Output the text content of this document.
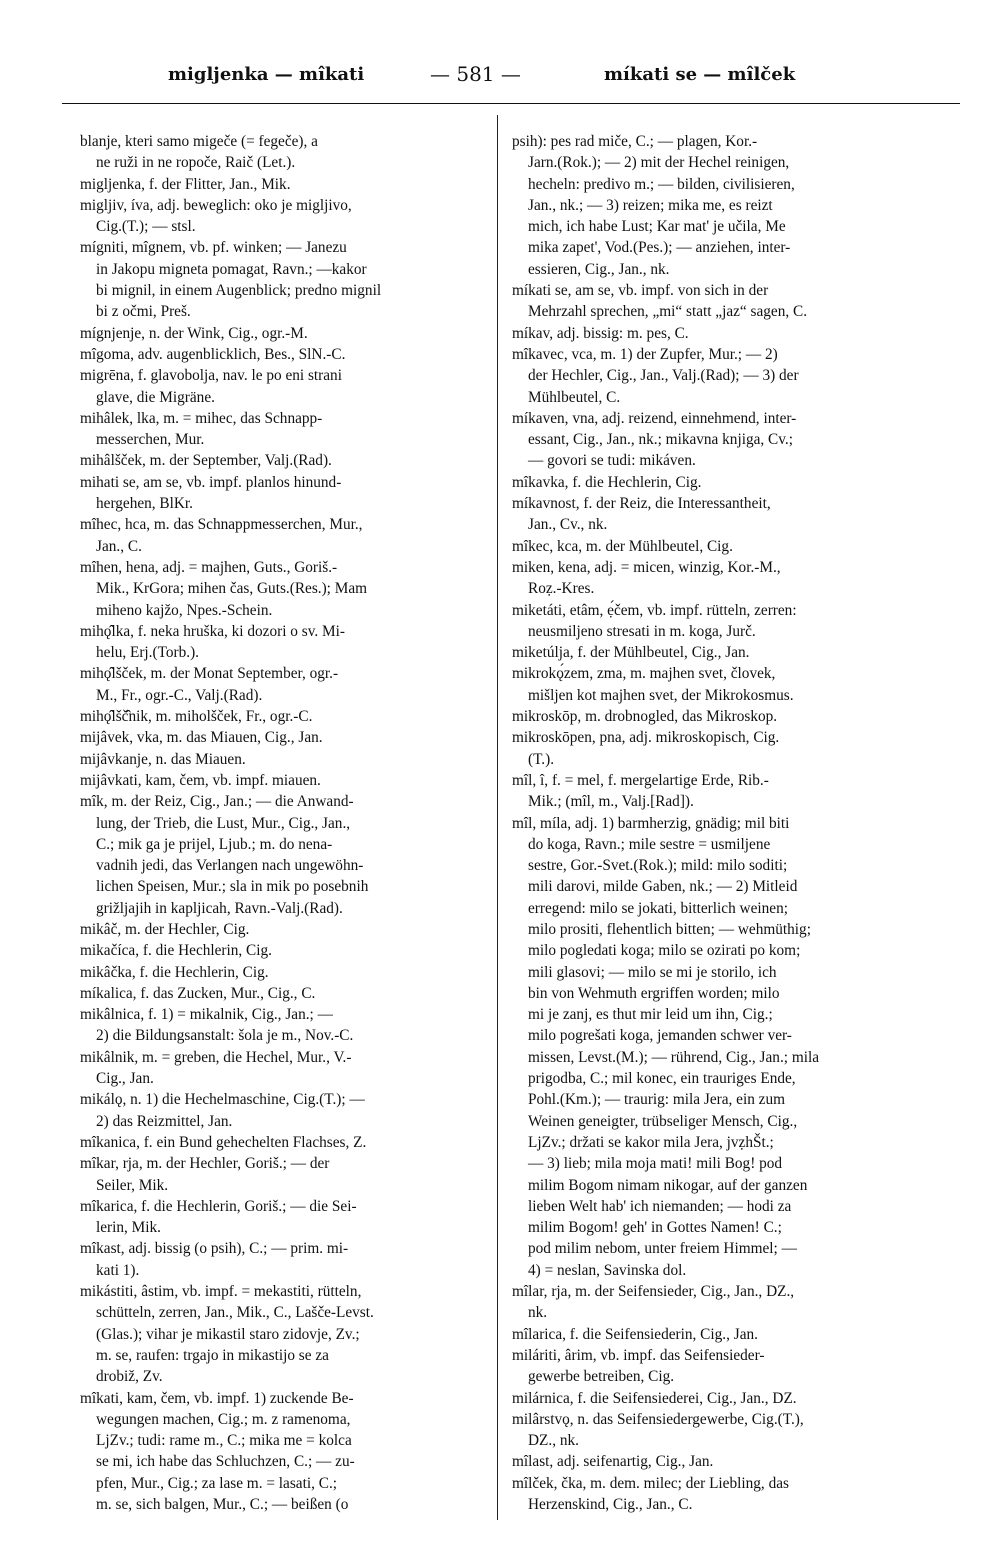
migljenka — mîkati	— 581 —	míkati se — mîlček
blanje, kteri samo migeče (= fegeče), a
ne ruži in ne ropoče, Raič (Let.).
migljenka, f. der Flitter, Jan., Mik.
migljiv, íva, adj. beweglich: oko je migljivo,
Cig.(T.); — stsl.
mígniti, mîgnem, vb. pf. winken; — Janezu
in Jakopu migneta pomagat, Ravn.; —kakor
bi mignil, in einem Augenblick; predno mignil
bi z očmi, Preš.
mígnjenje, n. der Wink, Cig., ogr.-M.
mîgoma, adv. augenblicklich, Bes., SlN.-C.
migrēna, f. glavobolja, nav. le po eni strani
glave, die Migräne.
mihâlek, lka, m. = mihec, das Schnapp-
messerchen, Mur.
mihâlšček, m. der September, Valj.(Rad).
mihati se, am se, vb. impf. planlos hinund-
hergehen, BlKr.
mîhec, hca, m. das Schnappmesserchen, Mur.,
Jan., C.
mîhen, hena, adj. = majhen, Guts., Goriš.-
Mik., KrGora; mihen čas, Guts.(Res.); Mam
miheno kajžo, Npes.-Schein.
mihǫ̂lka, f. neka hruška, ki dozori o sv. Mi-
helu, Erj.(Torb.).
mihǫ̂lšček, m. der Monat September, ogr.-
M., Fr., ogr.-C., Valj.(Rad).
mihǫ̂lšč̂nik, m. miholšček, Fr., ogr.-C.
mijâvek, vka, m. das Miauen, Cig., Jan.
mijâvkanje, n. das Miauen.
mijâvkati, kam, čem, vb. impf. miauen.
mîk, m. der Reiz, Cig., Jan.; — die Anwand-
lung, der Trieb, die Lust, Mur., Cig., Jan.,
C.; mik ga je prijel, Ljub.; m. do nena-
vadnih jedi, das Verlangen nach ungewöhn-
lichen Speisen, Mur.; sla in mik po posebnih
grižljajih in kapljicah, Ravn.-Valj.(Rad).
mikâč, m. der Hechler, Cig.
mikačíca, f. die Hechlerin, Cig.
mikâčka, f. die Hechlerin, Cig.
míkalica, f. das Zucken, Mur., Cig., C.
mikâlnica, f. 1) = mikalnik, Cig., Jan.; —
2) die Bildungsanstalt: šola je m., Nov.-C.
mikâlnik, m. = greben, die Hechel, Mur., V.-
Cig., Jan.
mikálǫ, n. 1) die Hechelmaschine, Cig.(T.); —
2) das Reizmittel, Jan.
mîkanica, f. ein Bund gehechelten Flachses, Z.
mîkar, rja, m. der Hechler, Goriš.; — der
Seiler, Mik.
mîkarica, f. die Hechlerin, Goriš.; — die Sei-
lerin, Mik.
mîkast, adj. bissig (o psih), C.; — prim. mi-
kati 1).
mikástiti, âstim, vb. impf. = mekastiti, rütteln,
schütteln, zerren, Jan., Mik., C., Lašče-Levst.
(Glas.); vihar je mikastil staro zidovje, Zv.;
m. se, raufen: trgajo in mikastijo se za
drobiž, Zv.
mîkati, kam, čem, vb. impf. 1) zuckende Be-
wegungen machen, Cig.; m. z ramenoma,
LjZv.; tudi: rame m., C.; mika me = kolca
se mi, ich habe das Schluchzen, C.; — zu-
pfen, Mur., Cig.; za lase m. = lasati, C.;
m. se, sich balgen, Mur., C.; — beißen (o
psih): pes rad miče, C.; — plagen, Kor.-
Jarn.(Rok.); — 2) mit der Hechel reinigen,
hecheln: predivo m.; — bilden, civilisieren,
Jan., nk.; — 3) reizen; mika me, es reizt
mich, ich habe Lust; Kar mat' je učila, Me
mika zapet', Vod.(Pes.); — anziehen, inter-
essieren, Cig., Jan., nk.
míkati se, am se, vb. impf. von sich in der
Mehrzahl sprechen, „mi“ statt „jaz“ sagen, C.
míkav, adj. bissig: m. pes, C.
mîkavec, vca, m. 1) der Zupfer, Mur.; — 2)
der Hechler, Cig., Jan., Valj.(Rad); — 3) der
Mühlbeutel, C.
míkaven, vna, adj. reizend, einnehmend, inter-
essant, Cig., Jan., nk.; mikavna knjiga, Cv.;
— govori se tudi: mikáven.
mîkavka, f. die Hechlerin, Cig.
míkavnost, f. der Reiz, die Interessantheit,
Jan., Cv., nk.
mîkec, kca, m. der Mühlbeutel, Cig.
miken, kena, adj. = micen, winzig, Kor.-M.,
Roẓ.-Kres.
miketáti, etâm, ẹ́čem, vb. impf. rütteln, zerren:
neusmiljeno stresati in m. koga, Jurč.
miketúlja, f. der Mühlbeutel, Cig., Jan.
mikrokǫ́zem, zma, m. majhen svet, človek,
mišljen kot majhen svet, der Mikrokosmus.
mikroskōp, m. drobnogled, das Mikroskop.
mikroskōpen, pna, adj. mikroskopisch, Cig.
(T.).
mîl, î, f. = mel, f. mergelartige Erde, Rib.-
Mik.; (mîl, m., Valj.[Rad]).
mîl, míla, adj. 1) barmherzig, gnädig; mil biti
do koga, Ravn.; mile sestre = usmiljene
sestre, Gor.-Svet.(Rok.); mild: milo soditi;
mili darovi, milde Gaben, nk.; — 2) Mitleid
erregend: milo se jokati, bitterlich weinen;
milo prositi, flehentlich bitten; — wehmüthig;
milo pogledati koga; milo se ozirati po kom;
mili glasovi; — milo se mi je storilo, ich
bin von Wehmuth ergriffen worden; milo
mi je zanj, es thut mir leid um ihn, Cig.;
milo pogrešati koga, jemanden schwer ver-
missen, Levst.(M.); — rührend, Cig., Jan.; mila
prigodba, C.; mil konec, ein trauriges Ende,
Pohl.(Km.); — traurig: mila Jera, ein zum
Weinen geneigter, trübseliger Mensch, Cig.,
LjZv.; držati se kakor mila Jera, jvẓhŠt.;
— 3) lieb; mila moja mati! mili Bog! pod
milim Bogom nimam nikogar, auf der ganzen
lieben Welt hab' ich niemanden; — hodi za
milim Bogom! geh' in Gottes Namen! C.;
pod milim nebom, unter freiem Himmel; —
4) = neslan, Savinska dol.
mîlar, rja, m. der Seifensieder, Cig., Jan., DZ.,
nk.
mîlarica, f. die Seifensiederin, Cig., Jan.
miláriti, ârim, vb. impf. das Seifensieder-
gewerbe betreiben, Cig.
milárnica, f. die Seifensiederei, Cig., Jan., DZ.
milârstvǫ, n. das Seifensiedergewerbe, Cig.(T.),
DZ., nk.
mîlast, adj. seifenartig, Cig., Jan.
mîlček, čka, m. dem. milec; der Liebling, das
Herzenskind, Cig., Jan., C.
